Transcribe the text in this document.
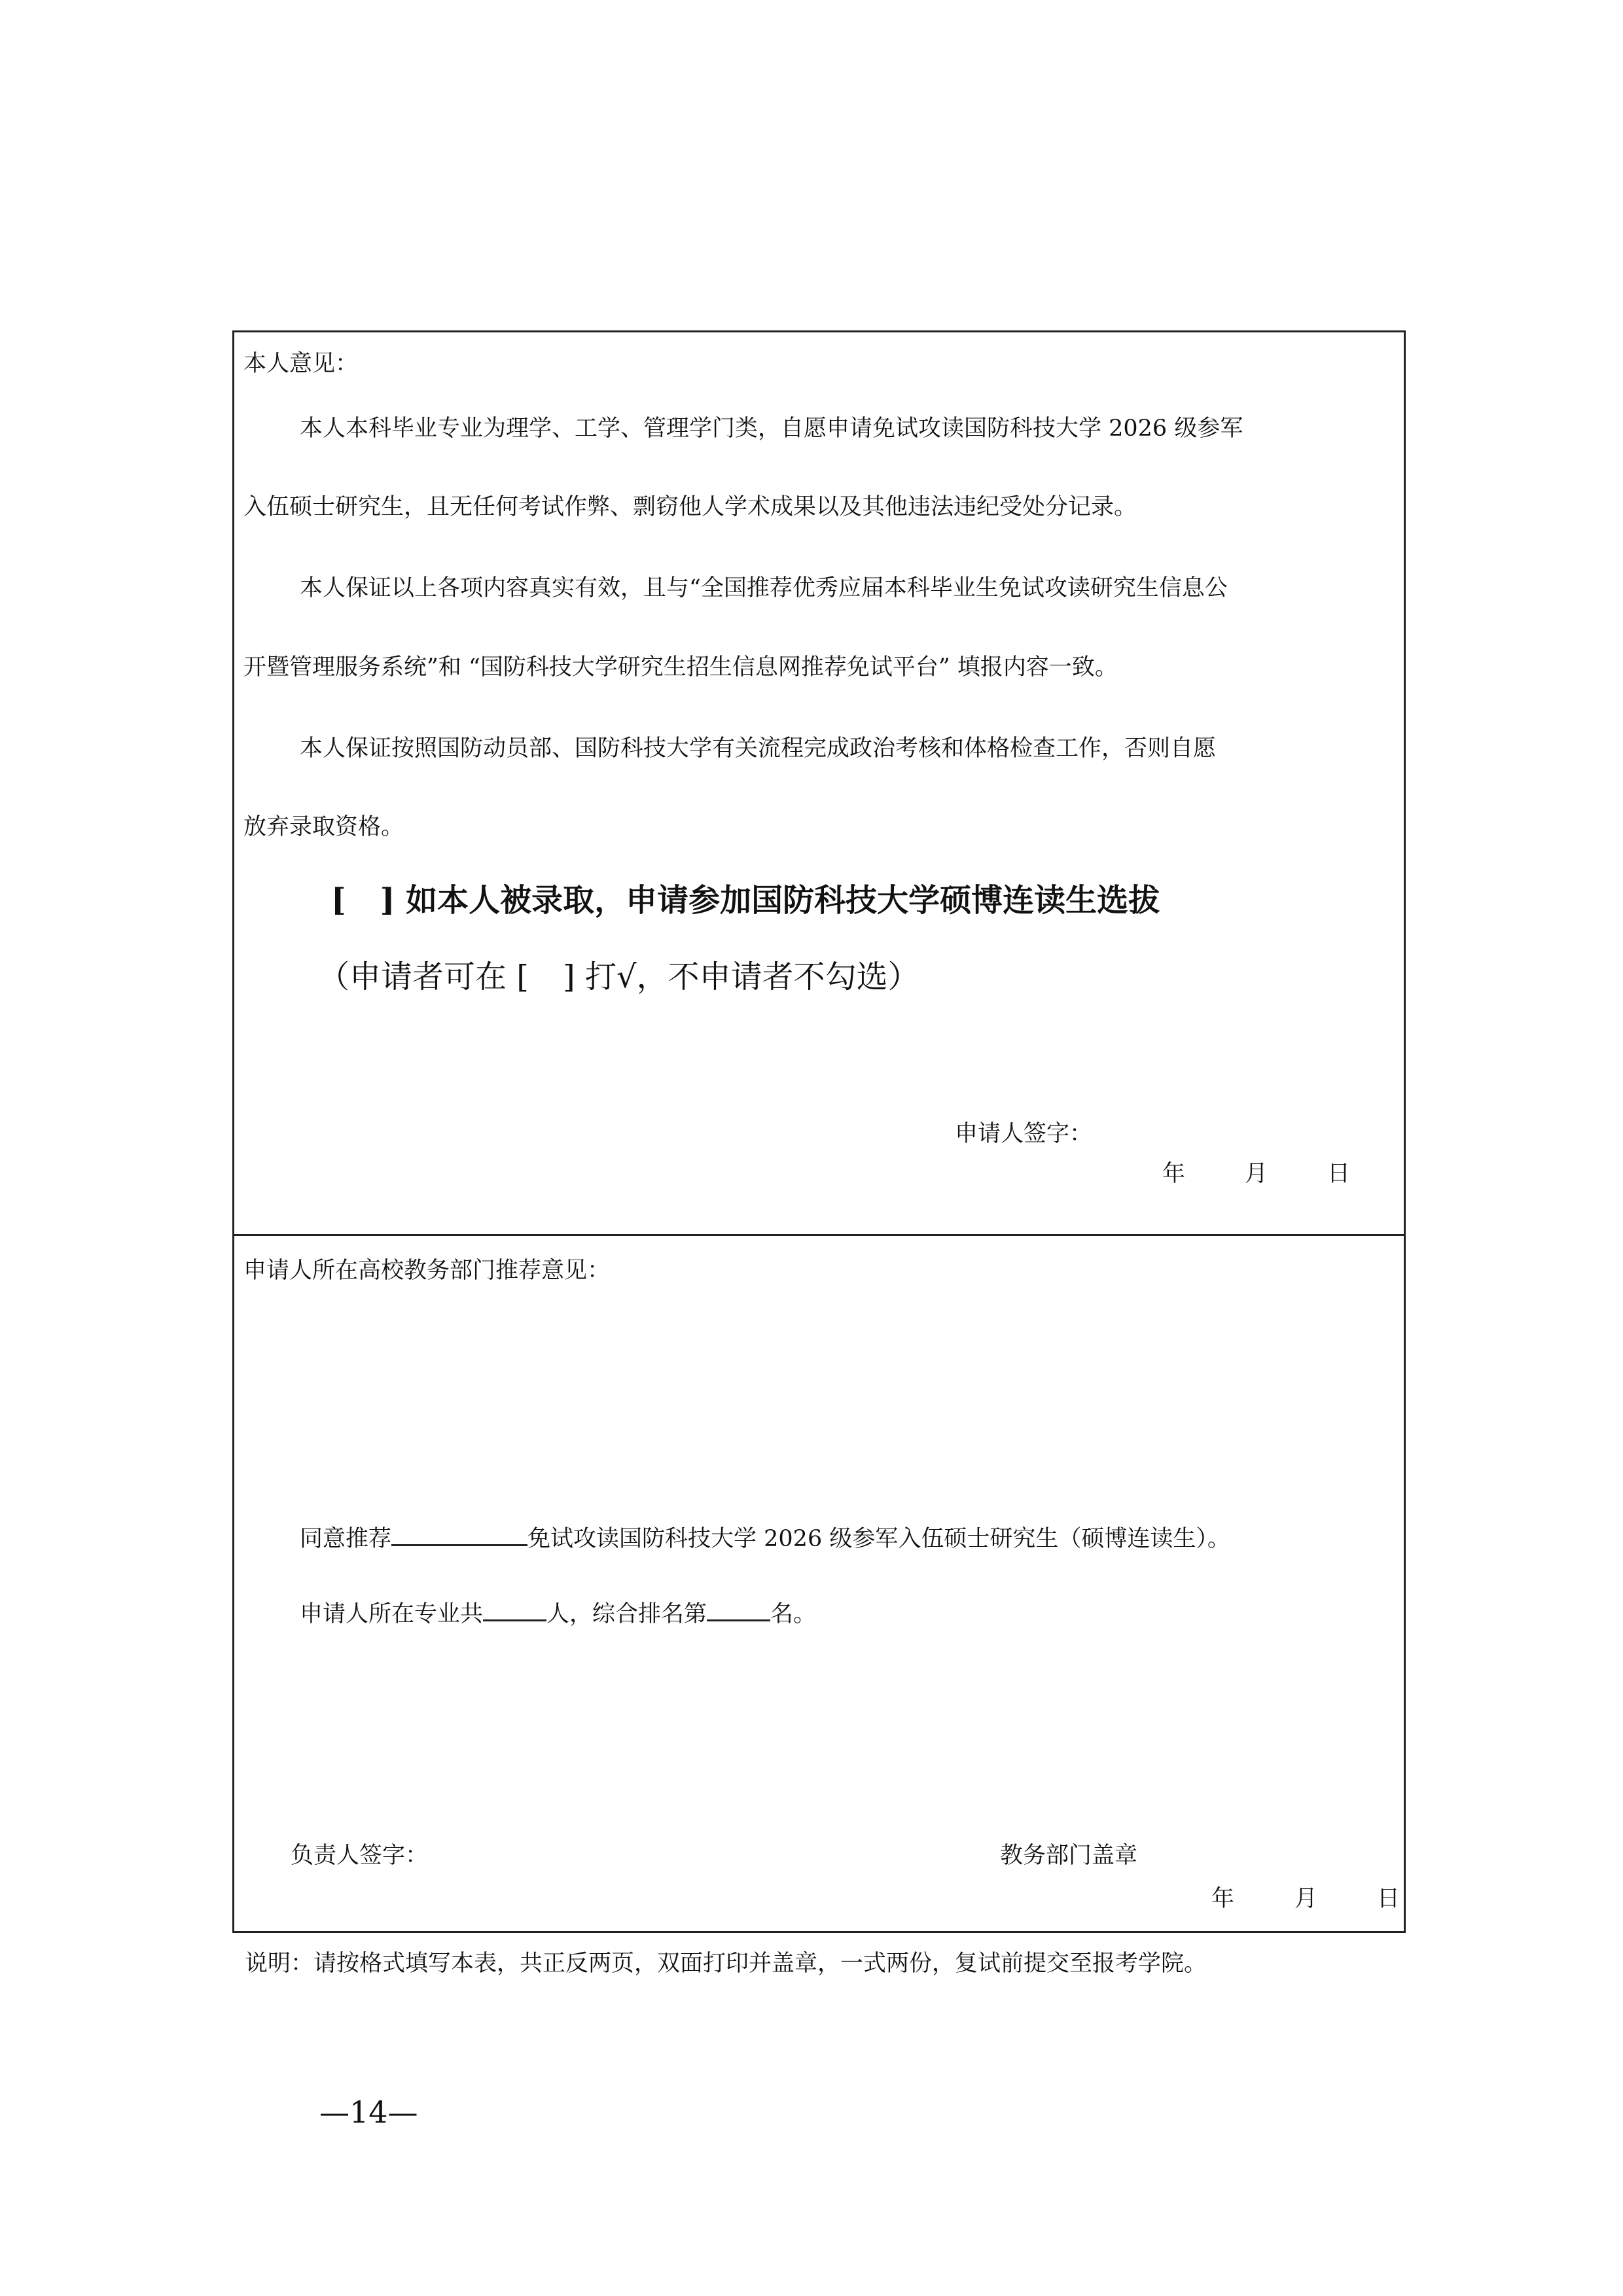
本人意见：
本人本科毕业专业为理学、工学、管理学门类，自愿申请免试攻读国防科技大学 2026 级参军
入伍硕士研究生，且无任何考试作弊、剽窃他人学术成果以及其他违法违纪受处分记录。
本人保证以上各项内容真实有效，且与“全国推荐优秀应届本科毕业生免试攻读研究生信息公
开暨管理服务系统”和 “国防科技大学研究生招生信息网推荐免试平台” 填报内容一致。
本人保证按照国防动员部、国防科技大学有关流程完成政治考核和体格检查工作，否则自愿
放弃录取资格。
[ ] 如本人被录取，申请参加国防科技大学硕博连读生选拔
（申请者可在 [ ] 打√，不申请者不勾选）
申请人签字：
年	月	日
申请人所在高校教务部门推荐意见：
同意推荐	免试攻读国防科技大学 2026 级参军入伍硕士研究生（硕博连读生）。
申请人所在专业共	人，综合排名第	名。
负责人签字：	教务部门盖章
年	月	日
说明：请按格式填写本表，共正反两页，双面打印并盖章，一式两份，复试前提交至报考学院。
—14—
